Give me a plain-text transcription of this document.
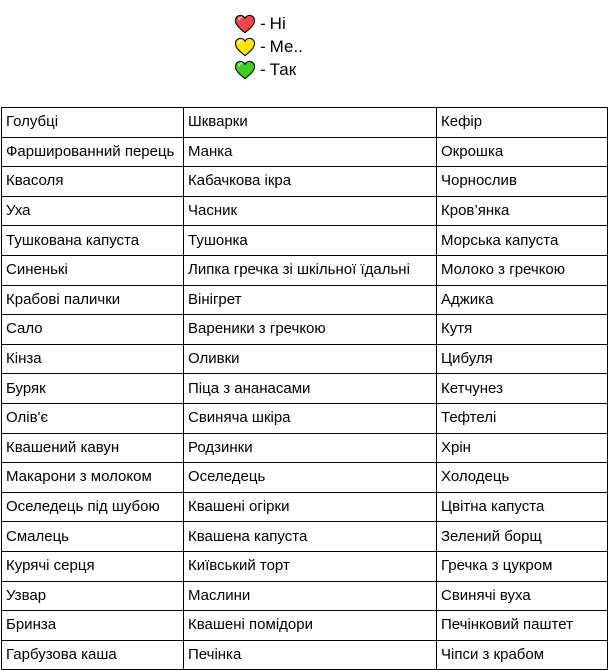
- Ні
- Ме..
- Так
Голубці	Шкварки	Кефір
Фаршированний перець	Манка	Окрошка
Квасоля	Кабачкова ікра	Чорнослив
Уха	Часник	Кров’янка
Тушкована капуста	Тушонка	Морська капуста
Синенькі	Липка гречка зі шкільної їдальні	Молоко з гречкою
Крабові палички	Вінігрет	Аджика
Сало	Вареники з гречкою	Кутя
Кінза	Оливки	Цибуля
Буряк	Піца з ананасами	Кетчунез
Олів'є	Свиняча шкіра	Тефтелі
Квашений кавун	Родзинки	Хрін
Макарони з молоком	Оселедець	Холодець
Оселедець під шубою	Квашені огірки	Цвітна капуста
Смалець	Квашена капуста	Зелений борщ
Курячі серця	Київський торт	Гречка з цукром
Узвар	Маслини	Свинячі вуха
Бринза	Квашені помідори	Печінковий паштет
Гарбузова каша	Печінка	Чіпси з крабом
